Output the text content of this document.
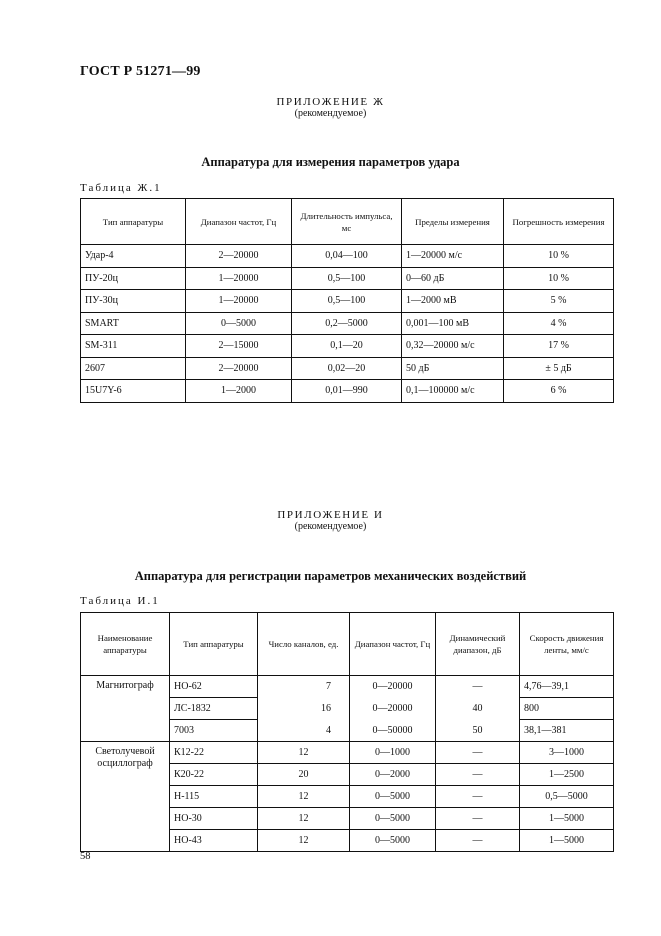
ГОСТ Р 51271—99
ПРИЛОЖЕНИЕ Ж
(рекомендуемое)
Аппаратура для измерения параметров удара
Таблица Ж.1
Тип аппаратуры	Диапазон частот, Гц	Длительность импульса, мс	Пределы измерения	Погрешность измерения
Удар-4	2—20000	0,04—100	1—20000 м/с	10 %
ПУ-20ц	1—20000	0,5—100	0—60 дБ	10 %
ПУ-30ц	1—20000	0,5—100	1—2000 мВ	5 %
SMART	0—5000	0,2—5000	0,001—100 мВ	4 %
SM-311	2—15000	0,1—20	0,32—20000 м/с	17 %
2607	2—20000	0,02—20	50 дБ	± 5 дБ
15U7Y-6	1—2000	0,01—990	0,1—100000 м/с	6 %
ПРИЛОЖЕНИЕ И
(рекомендуемое)
Аппаратура для регистрации параметров механических воздействий
Таблица И.1
Наименование аппаратуры	Тип аппаратуры	Число каналов, ед.	Диапазон частот, Гц	Динамический диапазон, дБ	Скорость движения ленты, мм/с
Магнитограф	НО-62	7	0—20000	—	4,76—39,1
	ЛС-1832	16	0—20000	40	800
	7003	4	0—50000	50	38,1—381
Светолучевой осциллограф	К12-22	12	0—1000	—	3—1000
	К20-22	20	0—2000	—	1—2500
	Н-115	12	0—5000	—	0,5—5000
	НО-30	12	0—5000	—	1—5000
	НО-43	12	0—5000	—	1—5000
58
